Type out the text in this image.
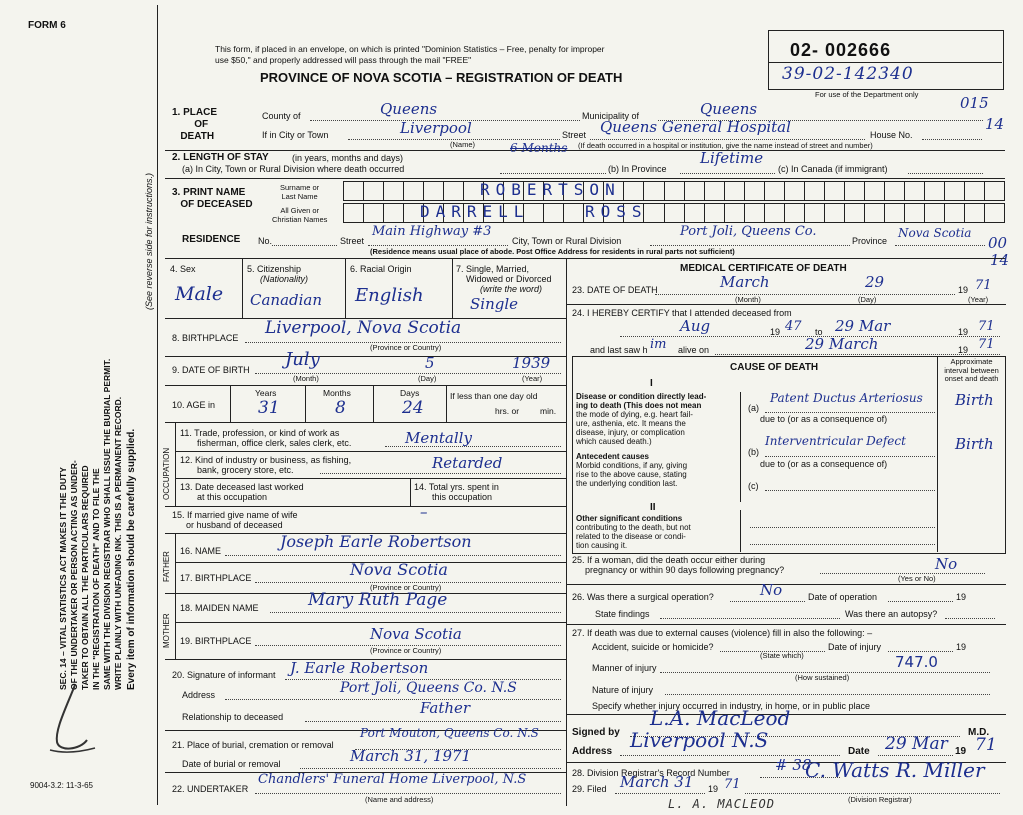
FORM 6
SEC. 14 – VITAL STATISTICS ACT MAKES IT THE DUTY OF THE UNDERTAKER OR PERSON ACTING AS UNDER- TAKER TO OBTAIN ALL THE PARTICULARS REQUIRED IN THE "REGISTRATION OF DEATH" AND TO FILE THE SAME WITH THE DIVISION REGISTRAR WHO SHALL ISSUE THE BURIAL PERMIT. WRITE PLAINLY WITH UNFADING INK. THIS IS A PERMANENT RECORD. Every item of information should be carefully supplied.
(See reverse side for instructions.)
9004-3.2: 11-3-65
This form, if placed in an envelope, on which is printed "Dominion Statistics – Free, penalty for improper
use $50," and properly addressed will pass through the mail "FREE"
PROVINCE OF NOVA SCOTIA – REGISTRATION OF DEATH
02- 002666
39-02-142340
For use of the Department only	015
14
1. PLACE
OF
DEATH
County of	Queens	Municipality of	Queens
If in City or Town	Liverpool
(Name)
Street Queens General Hospital	House No.
(If death occurred in a hospital or institution, give the name instead of street and number)
2. LENGTH OF STAY	(in years, months and days)
(a) In City, Town or Rural Division where death occurred
6 Months
(b) In Province
Lifetime
(c) In Canada (if immigrant)
3. PRINT NAME
OF DECEASED
Surname or
Last Name
All Given or
Christian Names
ROBERTSON
DARRELL	ROSS
RESIDENCE No.	Street
Main Highway #3
City, Town or Rural Division
Port Joli, Queens Co.
Province
Nova Scotia
00
(Residence means usual place of abode. Post Office Address for residents in rural parts not sufficient)	14
4. Sex
Male
5. Citizenship
(Nationality)
Canadian
6. Racial Origin
English
7. Single, Married,
Widowed or Divorced
(write the word)
Single
8. BIRTHPLACE Liverpool, Nova Scotia
(Province or Country)
9. DATE OF BIRTH July	5	1939
(Month)	(Day)	(Year)
10. AGE in
Years	Months	Days
31	8	24
If less than one day old
hrs. or min.
OCCUPATION
11. Trade, profession, or kind of work as
fisherman, office clerk, sales clerk, etc.	Mentally
12. Kind of industry or business, as fishing,
bank, grocery store, etc.	Retarded
13. Date deceased last worked
at this occupation
14. Total yrs. spent in
this occupation
15. If married give name of wife
or husband of deceased
–
FATHER
16. NAME	Joseph Earle Robertson
17. BIRTHPLACE	Nova Scotia
(Province or Country)
MOTHER
18. MAIDEN NAME	Mary Ruth Page
19. BIRTHPLACE	Nova Scotia
(Province or Country)
20. Signature of informant J. Earle Robertson
Address	Port Joli, Queens Co. N.S
Relationship to deceased	Father
21. Place of burial, cremation or removal
Port Mouton, Queens Co. N.S
Date of burial or removal	March 31, 1971
22. UNDERTAKER
Chandlers' Funeral Home Liverpool, N.S
(Name and address)
MEDICAL CERTIFICATE OF DEATH
23. DATE OF DEATH	March	29	19 71
(Month)	(Day)	(Year)
24. I HEREBY CERTIFY that I attended deceased from
Aug	19 47 to 29 Mar	19 71
and last saw h im alive on	29 March	19 71
CAUSE OF DEATH
Approximate interval between onset and death
I
Disease or condition directly lead-
ing to death (This does not mean
the mode of dying, e.g. heart fail-
ure, asthenia, etc. It means the
disease, injury, or complication
which caused death.)
(a)
Patent Ductus Arteriosus Birth
due to (or as a consequence of)
Antecedent causes
Morbid conditions, if any, giving
rise to the above cause, stating
the underlying condition last.
(b)
Interventricular Defect	Birth
due to (or as a consequence of)
(c)
II
Other significant conditions
contributing to the death, but not
related to the disease or condi-
tion causing it.
25. If a woman, did the death occur either during
pregnancy or within 90 days following pregnancy?	No
(Yes or No)
26. Was there a surgical operation?	No	Date of operation	19
State findings	Was there an autopsy?
27. If death was due to external causes (violence) fill in also the following: –
Accident, suicide or homicide?	Date of injury	19
(State which)
Manner of injury	747.0
(How sustained)
Nature of injury
Specify whether injury occurred in industry, in home, or in public place
Signed by
L.A. MacLeod
M.D.
Address Liverpool N.S	Date 29 Mar 19 71
28. Division Registrar's Record Number	# 38
29. Filed March 31 19 71
C. Watts R. Miller
(Division Registrar)
L. A. MACLEOD
